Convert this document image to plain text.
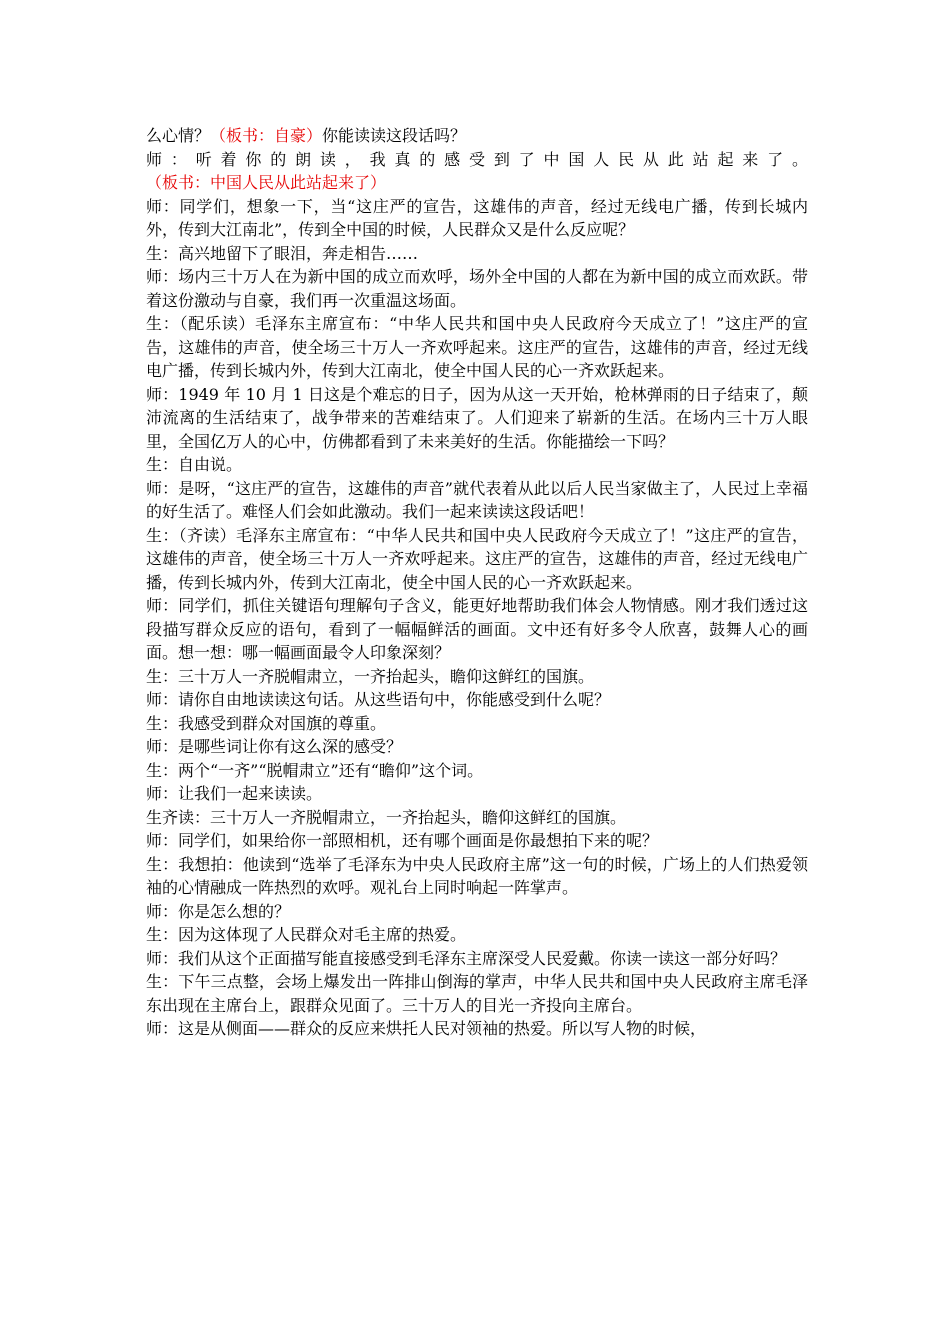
么心情？（板书：自豪）你能读读这段话吗？

师：听着你的朗读，我真的感受到了中国人民从此站起来了。（板书：中国人民从此站起来了）

师：同学们，想象一下，当“这庄严的宣告，这雄伟的声音，经过无线电广播，传到长城内外，传到大江南北”，传到全中国的时候，人民群众又是什么反应呢？

生：高兴地留下了眼泪，奔走相告……

师：场内三十万人在为新中国的成立而欢呼，场外全中国的人都在为新中国的成立而欢跃。带着这份激动与自豪，我们再一次重温这场面。

生：（配乐读）毛泽东主席宣布：“中华人民共和国中央人民政府今天成立了！”这庄严的宣告，这雄伟的声音，使全场三十万人一齐欢呼起来。这庄严的宣告，这雄伟的声音，经过无线电广播，传到长城内外，传到大江南北，使全中国人民的心一齐欢跃起来。

师：1949 年 10 月 1 日这是个难忘的日子，因为从这一天开始，枪林弹雨的日子结束了，颠沛流离的生活结束了，战争带来的苦难结束了。人们迎来了崭新的生活。在场内三十万人眼里，全国亿万人的心中，仿佛都看到了未来美好的生活。你能描绘一下吗？

生：自由说。

师：是呀，“这庄严的宣告，这雄伟的声音”就代表着从此以后人民当家做主了，人民过上幸福的好生活了。难怪人们会如此激动。我们一起来读读这段话吧！

生：（齐读）毛泽东主席宣布：“中华人民共和国中央人民政府今天成立了！”这庄严的宣告，这雄伟的声音，使全场三十万人一齐欢呼起来。这庄严的宣告，这雄伟的声音，经过无线电广播，传到长城内外，传到大江南北，使全中国人民的心一齐欢跃起来。

师：同学们，抓住关键语句理解句子含义，能更好地帮助我们体会人物情感。刚才我们透过这段描写群众反应的语句，看到了一幅幅鲜活的画面。文中还有好多令人欣喜，鼓舞人心的画面。想一想：哪一幅画面最令人印象深刻？

生：三十万人一齐脱帽肃立，一齐抬起头，瞻仰这鲜红的国旗。

师：请你自由地读读这句话。从这些语句中，你能感受到什么呢？

生：我感受到群众对国旗的尊重。

师：是哪些词让你有这么深的感受？

生：两个“一齐”“脱帽肃立”还有“瞻仰”这个词。

师：让我们一起来读读。

生齐读：三十万人一齐脱帽肃立，一齐抬起头，瞻仰这鲜红的国旗。

师：同学们，如果给你一部照相机，还有哪个画面是你最想拍下来的呢？

生：我想拍：他读到“选举了毛泽东为中央人民政府主席”这一句的时候，广场上的人们热爱领袖的心情融成一阵热烈的欢呼。观礼台上同时响起一阵掌声。

师：你是怎么想的？

生：因为这体现了人民群众对毛主席的热爱。

师：我们从这个正面描写能直接感受到毛泽东主席深受人民爱戴。你读一读这一部分好吗？

生：下午三点整，会场上爆发出一阵排山倒海的掌声，中华人民共和国中央人民政府主席毛泽东出现在主席台上，跟群众见面了。三十万人的目光一齐投向主席台。

师：这是从侧面——群众的反应来烘托人民对领袖的热爱。所以写人物的时候，
